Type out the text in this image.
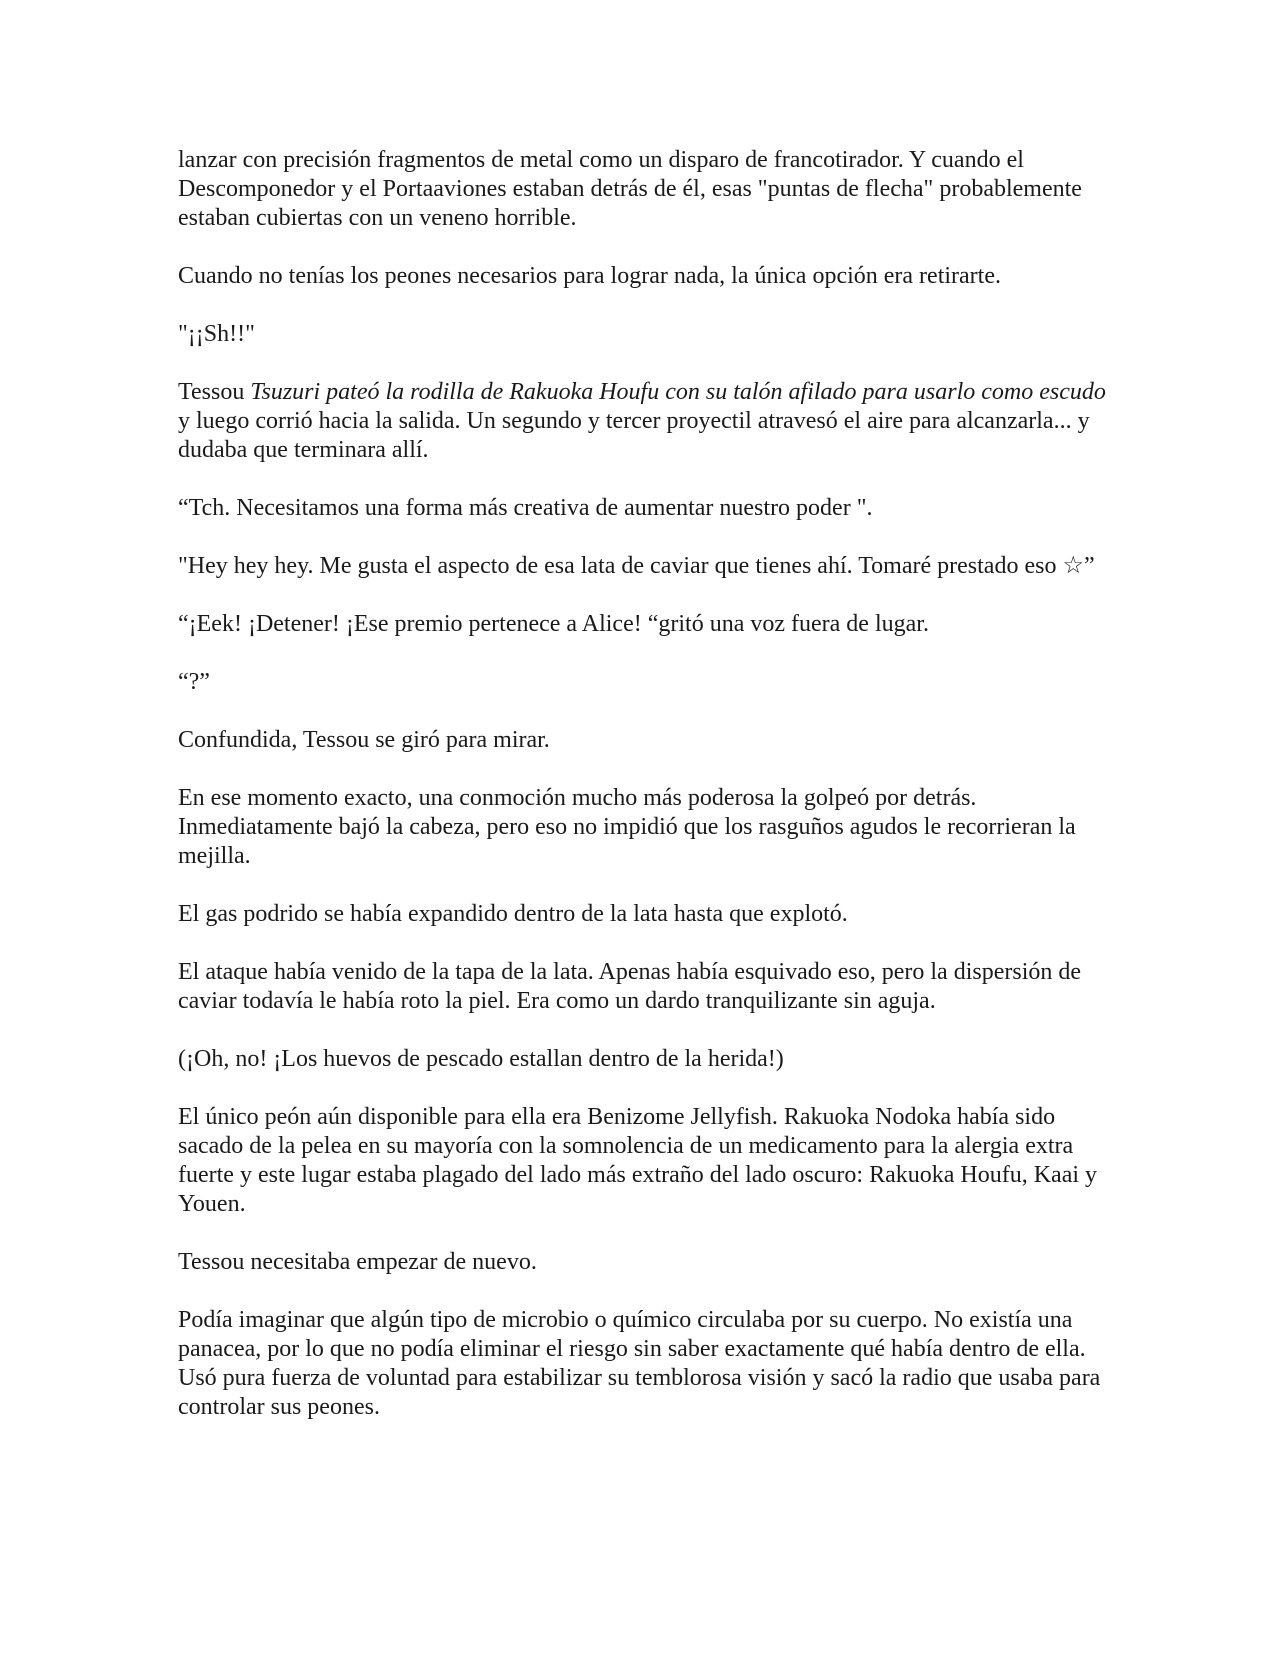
lanzar con precisión fragmentos de metal como un disparo de francotirador. Y cuando el Descomponedor y el Portaaviones estaban detrás de él, esas "puntas de flecha" probablemente estaban cubiertas con un veneno horrible.

Cuando no tenías los peones necesarios para lograr nada, la única opción era retirarte.

"¡¡Sh!!"

Tessou Tsuzuri pateó la rodilla de Rakuoka Houfu con su talón afilado para usarlo como escudo y luego corrió hacia la salida. Un segundo y tercer proyectil atravesó el aire para alcanzarla... y dudaba que terminara allí.

“Tch. Necesitamos una forma más creativa de aumentar nuestro poder ".

"Hey hey hey. Me gusta el aspecto de esa lata de caviar que tienes ahí. Tomaré prestado eso ☆”

“¡Eek! ¡Detener! ¡Ese premio pertenece a Alice! “gritó una voz fuera de lugar.

“?”

Confundida, Tessou se giró para mirar.

En ese momento exacto, una conmoción mucho más poderosa la golpeó por detrás. Inmediatamente bajó la cabeza, pero eso no impidió que los rasguños agudos le recorrieran la mejilla.

El gas podrido se había expandido dentro de la lata hasta que explotó.

El ataque había venido de la tapa de la lata. Apenas había esquivado eso, pero la dispersión de caviar todavía le había roto la piel. Era como un dardo tranquilizante sin aguja.

(¡Oh, no! ¡Los huevos de pescado estallan dentro de la herida!)

El único peón aún disponible para ella era Benizome Jellyfish. Rakuoka Nodoka había sido sacado de la pelea en su mayoría con la somnolencia de un medicamento para la alergia extra fuerte y este lugar estaba plagado del lado más extraño del lado oscuro: Rakuoka Houfu, Kaai y Youen.

Tessou necesitaba empezar de nuevo.

Podía imaginar que algún tipo de microbio o químico circulaba por su cuerpo. No existía una panacea, por lo que no podía eliminar el riesgo sin saber exactamente qué había dentro de ella. Usó pura fuerza de voluntad para estabilizar su temblorosa visión y sacó la radio que usaba para controlar sus peones.
